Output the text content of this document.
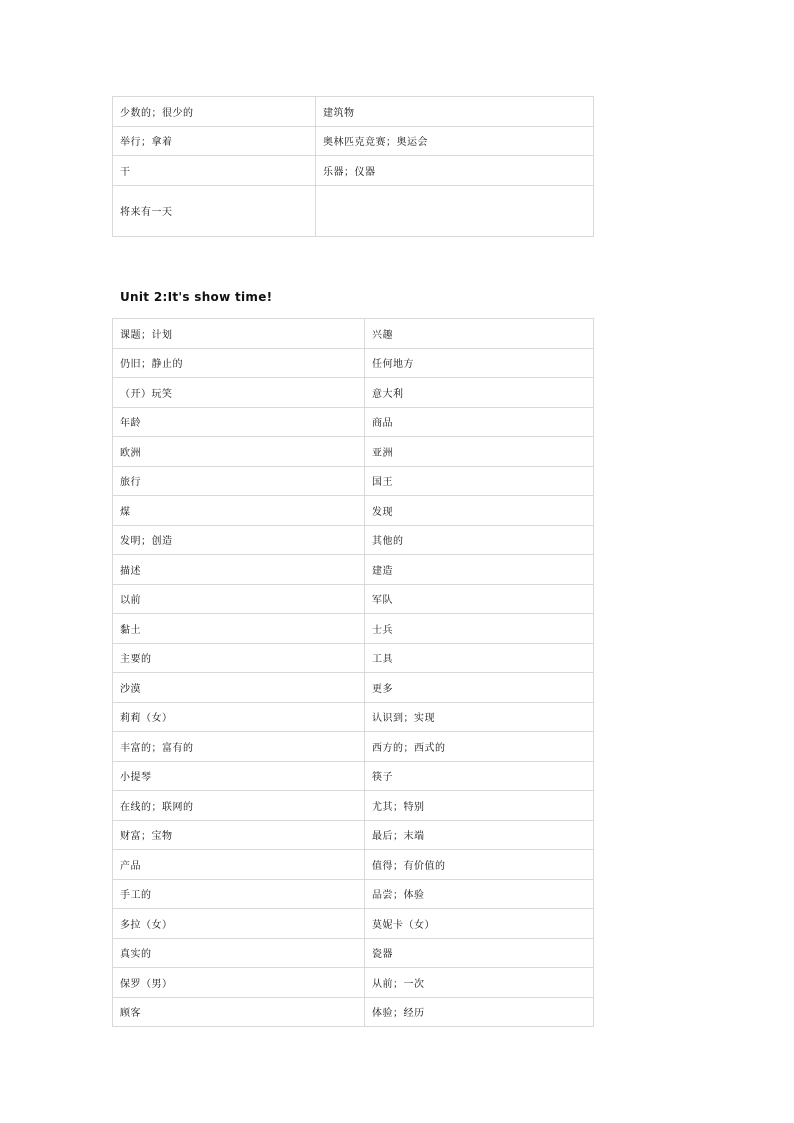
少数的；很少的	建筑物
举行；拿着	奥林匹克竞赛；奥运会
干	乐器；仪器
将来有一天	
Unit 2:It's show time!
课题；计划	兴趣
仍旧；静止的	任何地方
（开）玩笑	意大利
年龄	商品
欧洲	亚洲
旅行	国王
煤	发现
发明；创造	其他的
描述	建造
以前	军队
黏土	士兵
主要的	工具
沙漠	更多
莉莉（女）	认识到；实现
丰富的；富有的	西方的；西式的
小提琴	筷子
在线的；联网的	尤其；特别
财富；宝物	最后；末端
产品	值得；有价值的
手工的	品尝；体验
多拉（女）	莫妮卡（女）
真实的	瓷器
保罗（男）	从前；一次
顾客	体验；经历
